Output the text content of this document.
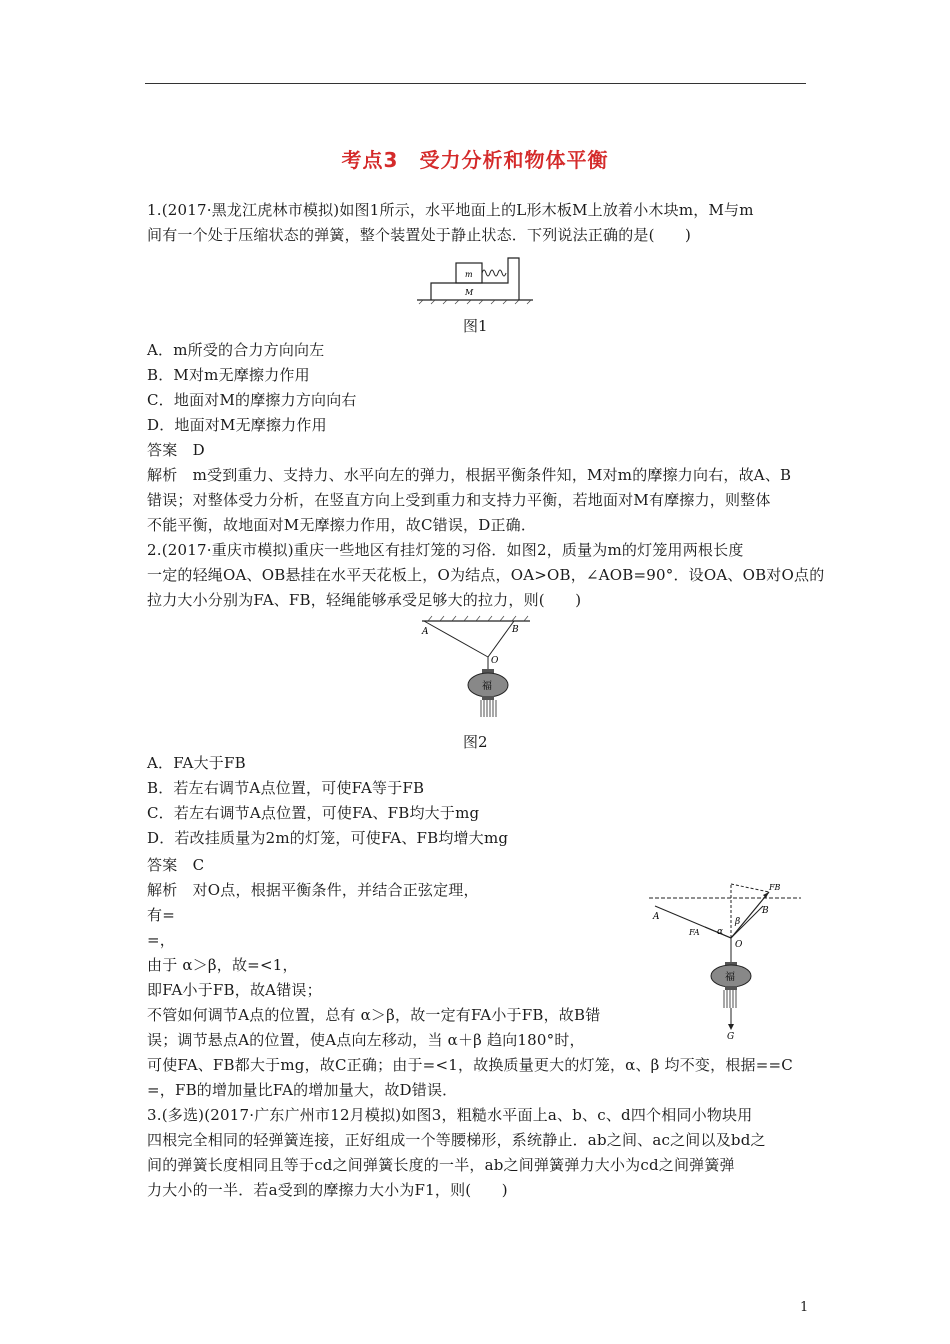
考点3　受力分析和物体平衡
1.(2017·黑龙江虎林市模拟)如图1所示，水平地面上的L形木板M上放着小木块m，M与m
间有一个处于压缩状态的弹簧，整个装置处于静止状态．下列说法正确的是(　　)
m
M
图1
A．m所受的合力方向向左
B．M对m无摩擦力作用
C．地面对M的摩擦力方向向右
D．地面对M无摩擦力作用
答案　D
解析　m受到重力、支持力、水平向左的弹力，根据平衡条件知，M对m的摩擦力向右，故A、B
错误；对整体受力分析，在竖直方向上受到重力和支持力平衡，若地面对M有摩擦力，则整体
不能平衡，故地面对M无摩擦力作用，故C错误，D正确．
2.(2017·重庆市模拟)重庆一些地区有挂灯笼的习俗．如图2，质量为m的灯笼用两根长度
一定的轻绳OA、OB悬挂在水平天花板上，O为结点，OA>OB，∠AOB=90°．设OA、OB对O点的
拉力大小分别为FA、FB，轻绳能够承受足够大的拉力，则(　　)
福
A	B
O
图2
A．FA大于FB
B．若左右调节A点位置，可使FA等于FB
C．若左右调节A点位置，可使FA、FB均大于mg
D．若改挂质量为2m的灯笼，可使FA、FB均增大mg
答案　C
解析　对O点，根据平衡条件，并结合正弦定理，
有=
=，
由于 α＞β，故=<1，
即FA小于FB，故A错误；
不管如何调节A点的位置，总有 α＞β，故一定有FA小于FB，故B错
误；调节悬点A的位置，使A点向左移动，当 α＋β 趋向180°时，
可使FA、FB都大于mg，故C正确；由于=<1，故换质量更大的灯笼，α、β 均不变，根据==C
=，FB的增加量比FA的增加量大，故D错误．
福
A
B
O
FA
FB
α
β
G
3.(多选)(2017·广东广州市12月模拟)如图3，粗糙水平面上a、b、c、d四个相同小物块用
四根完全相同的轻弹簧连接，正好组成一个等腰梯形，系统静止．ab之间、ac之间以及bd之
间的弹簧长度相同且等于cd之间弹簧长度的一半，ab之间弹簧弹力大小为cd之间弹簧弹
力大小的一半．若a受到的摩擦力大小为F1，则(　　)
1
